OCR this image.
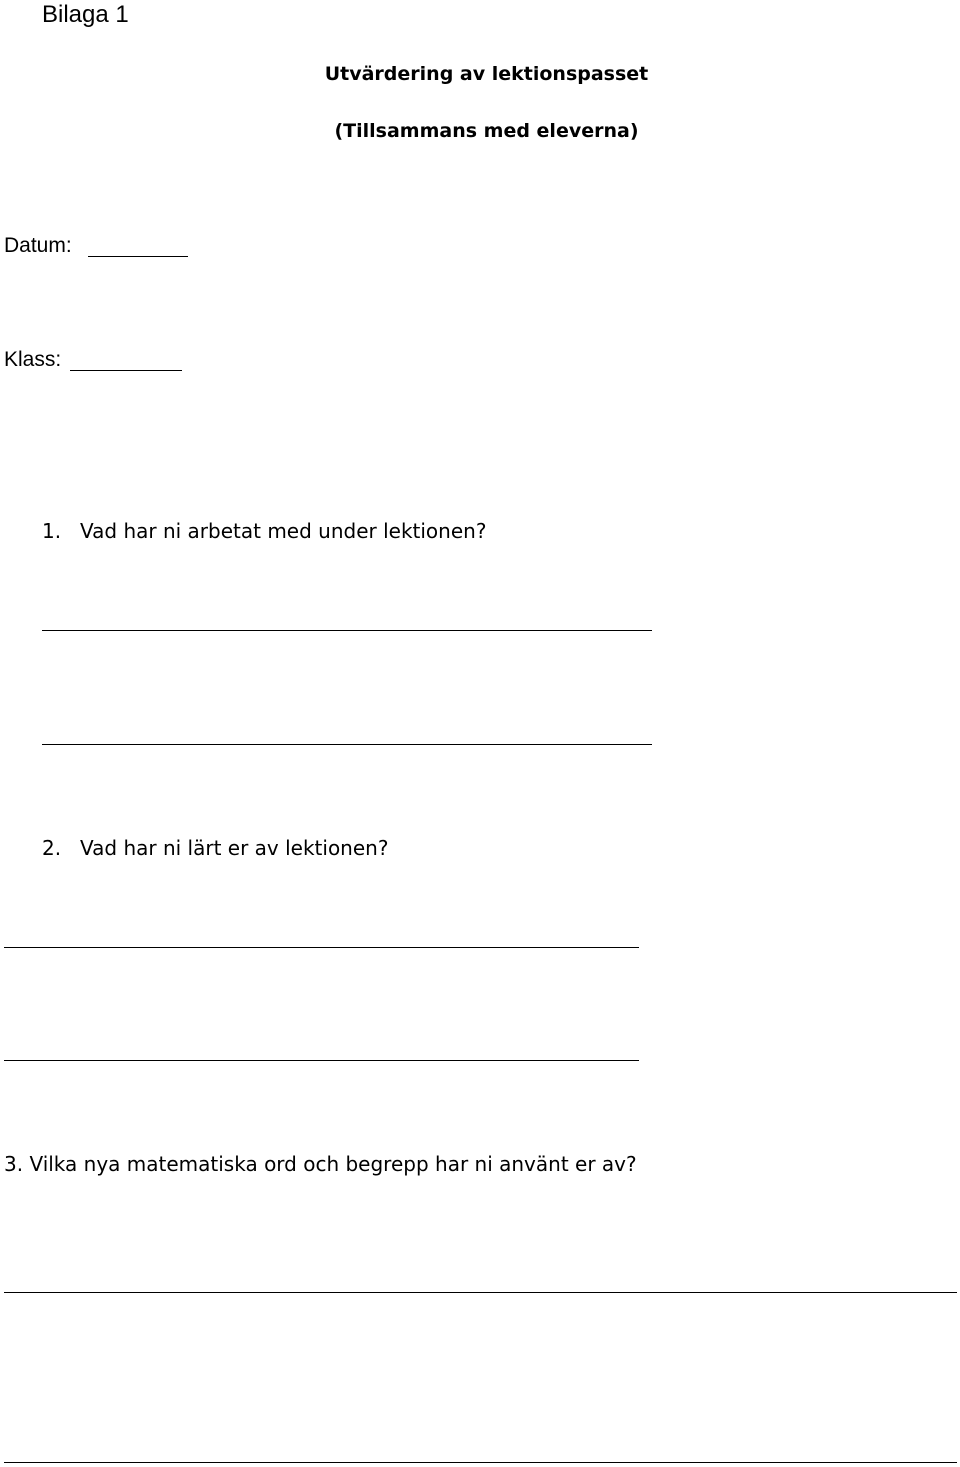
Bilaga 1
Utvärdering av lektionspasset
(Tillsammans med eleverna)
Datum:
Klass:
1. Vad har ni arbetat med under lektionen?
2. Vad har ni lärt er av lektionen?
3. Vilka nya matematiska ord och begrepp har ni använt er av?
